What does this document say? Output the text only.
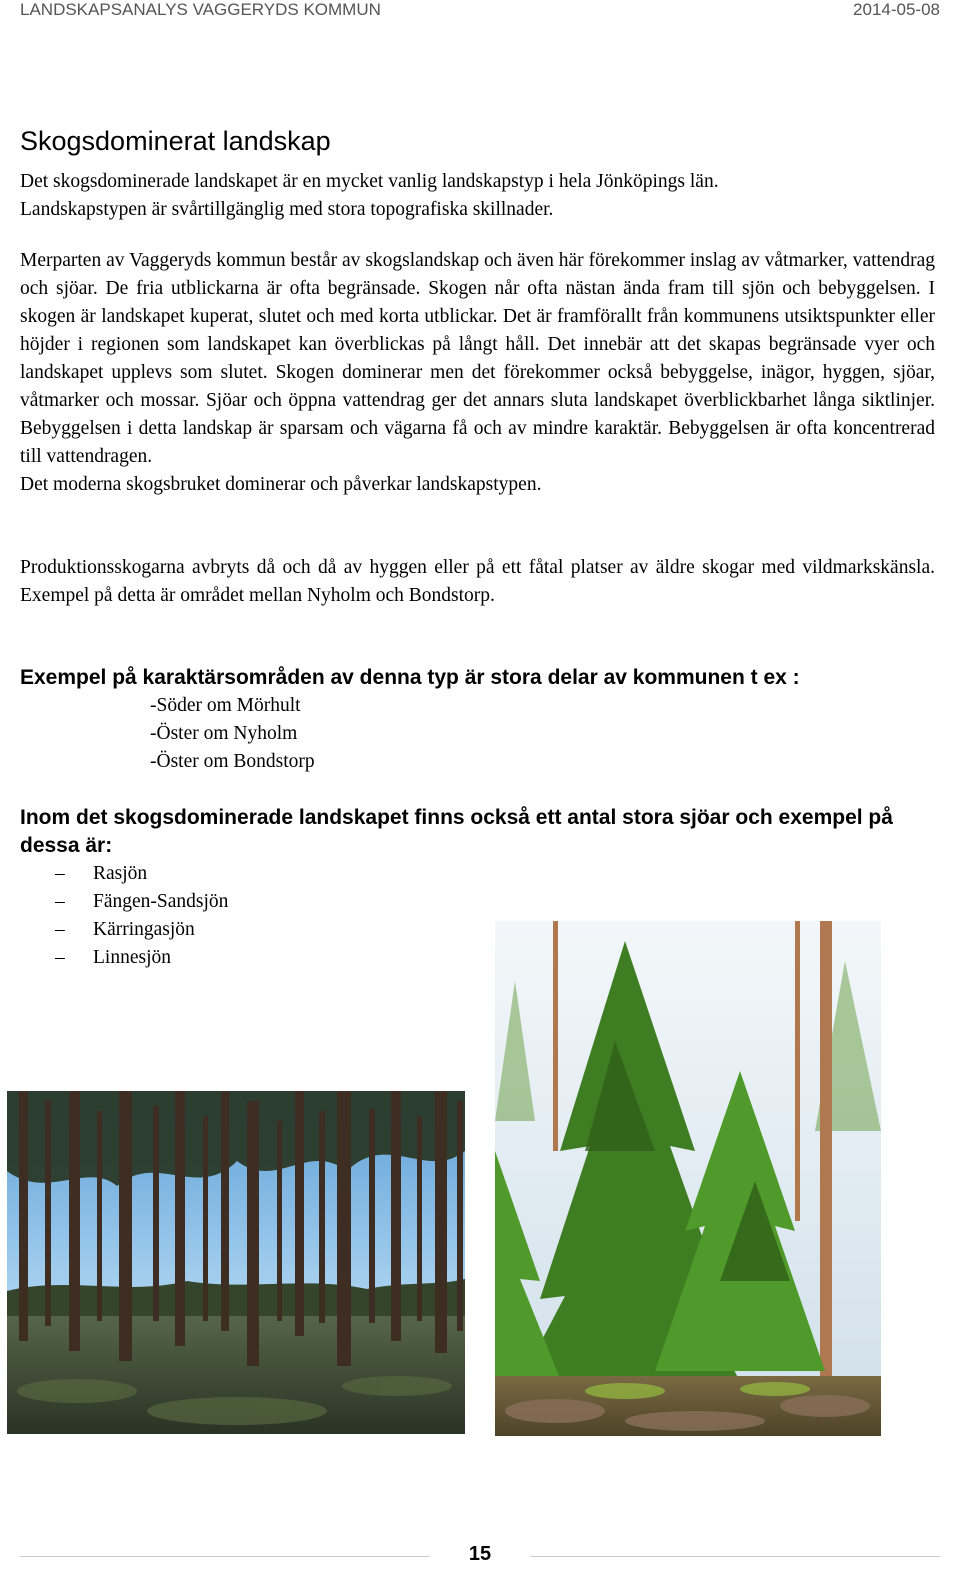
LANDSKAPSANALYS VAGGERYDS KOMMUN	2014-05-08
Skogsdominerat landskap
Det skogsdominerade landskapet är en mycket vanlig landskapstyp i hela Jönköpings län.
Landskapstypen är svårtillgänglig med stora topografiska skillnader.
Merparten av Vaggeryds kommun består av skogslandskap och även här förekommer inslag av våtmarker, vattendrag och sjöar. De fria utblickarna är ofta begränsade. Skogen når ofta nästan ända fram till sjön och bebyggelsen. I skogen är landskapet kuperat, slutet och med korta utblickar. Det är framförallt från kommunens utsiktspunkter eller höjder i regionen som landskapet kan överblickas på långt håll. Det innebär att det skapas begränsade vyer och landskapet upplevs som slutet. Skogen dominerar men det förekommer också bebyggelse, inägor, hyggen, sjöar, våtmarker och mossar. Sjöar och öppna vattendrag ger det annars sluta landskapet överblickbarhet långa siktlinjer. Bebyggelsen i detta landskap är sparsam och vägarna få och av mindre karaktär. Bebyggelsen är ofta koncentrerad till vattendragen.
Det moderna skogsbruket dominerar och påverkar landskapstypen.
Produktionsskogarna avbryts då och då av hyggen eller på ett fåtal platser av äldre skogar med vildmarkskänsla. Exempel på detta är området mellan Nyholm och Bondstorp.
Exempel på karaktärsområden av denna typ är stora delar av kommunen t ex :
-Söder om Mörhult
-Öster om Nyholm
-Öster om Bondstorp
Inom det skogsdominerade landskapet finns också ett antal stora sjöar och exempel på dessa är:
– Rasjön
– Fängen-Sandsjön
– Kärringasjön
– Linnesjön
15
